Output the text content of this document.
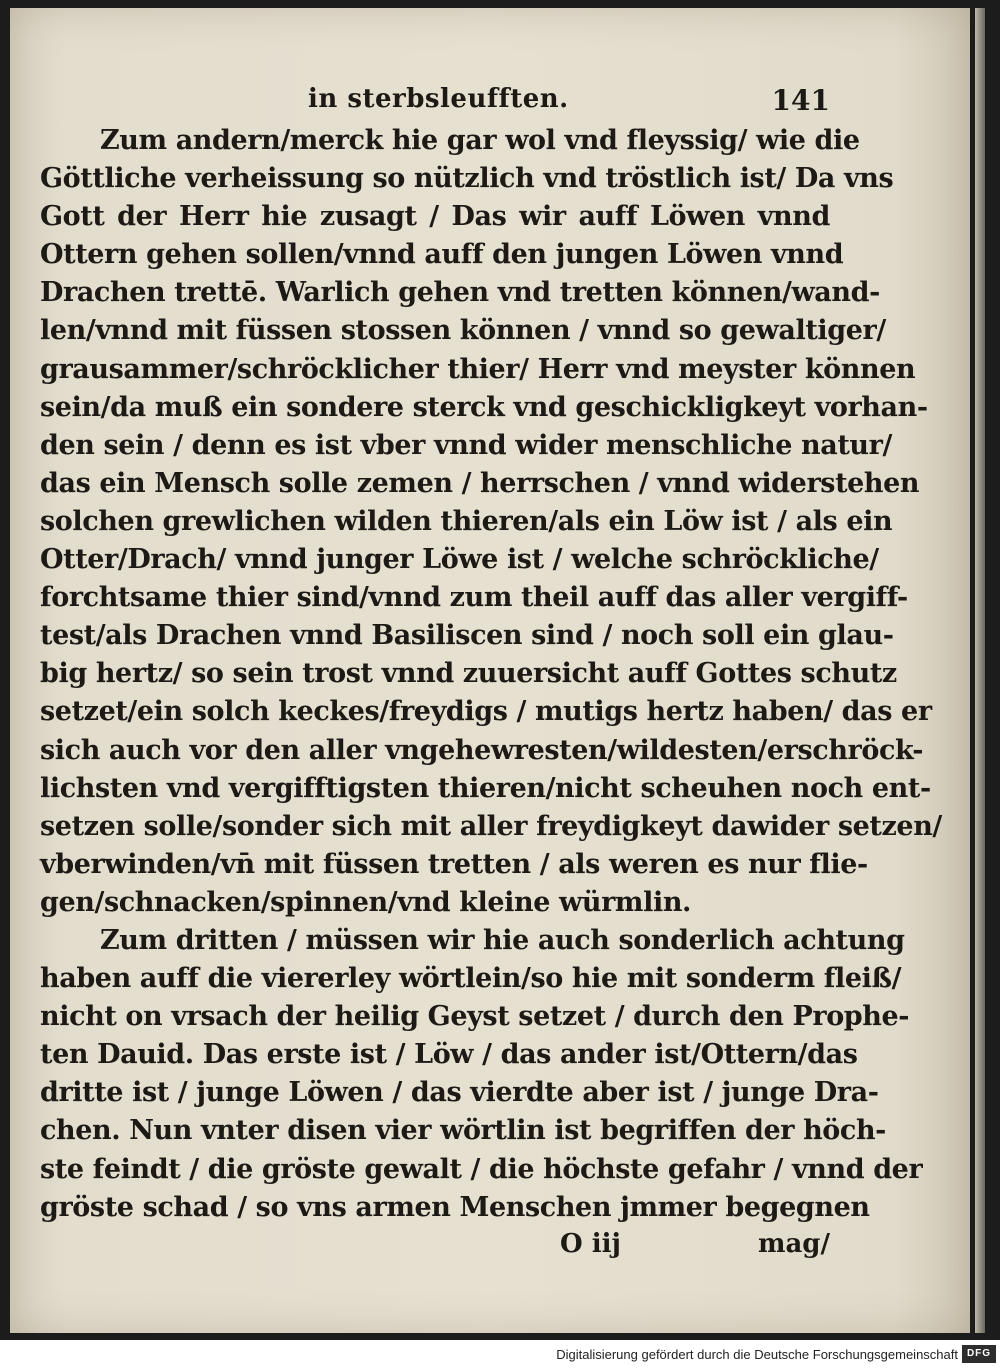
in sterbsleufften.	141
Zum andern/merck hie gar wol vnd fleyssig/ wie die
Göttliche verheissung so nützlich vnd tröstlich ist/ Da vns
Gott der Herr hie zusagt / Das wir auff Löwen vnnd
Ottern gehen sollen/vnnd auff den jungen Löwen vnnd
Drachen trettē. Warlich gehen vnd tretten können/wand-
len/vnnd mit füssen stossen können / vnnd so gewaltiger/
grausammer/schröcklicher thier/ Herr vnd meyster können
sein/da muß ein sondere sterck vnd geschickligkeyt vorhan-
den sein / denn es ist vber vnnd wider menschliche natur/
das ein Mensch solle zemen / herrschen / vnnd widerstehen
solchen grewlichen wilden thieren/als ein Löw ist / als ein
Otter/Drach/ vnnd junger Löwe ist / welche schröckliche/
forchtsame thier sind/vnnd zum theil auff das aller vergiff-
test/als Drachen vnnd Basiliscen sind / noch soll ein glau-
big hertz/ so sein trost vnnd zuuersicht auff Gottes schutz
setzet/ein solch keckes/freydigs / mutigs hertz haben/ das er
sich auch vor den aller vngehewresten/wildesten/erschröck-
lichsten vnd vergifftigsten thieren/nicht scheuhen noch ent-
setzen solle/sonder sich mit aller freydigkeyt dawider setzen/
vberwinden/vn̄ mit füssen tretten / als weren es nur flie-
gen/schnacken/spinnen/vnd kleine würmlin.
Zum dritten / müssen wir hie auch sonderlich achtung
haben auff die viererley wörtlein/so hie mit sonderm fleiß/
nicht on vrsach der heilig Geyst setzet / durch den Prophe-
ten Dauid. Das erste ist / Löw / das ander ist/Ottern/das
dritte ist / junge Löwen / das vierdte aber ist / junge Dra-
chen. Nun vnter disen vier wörtlin ist begriffen der höch-
ste feindt / die gröste gewalt / die höchste gefahr / vnnd der
gröste schad / so vns armen Menschen jmmer begegnen
O iij	mag/
Digitalisierung gefördert durch die Deutsche Forschungsgemeinschaft DFG
